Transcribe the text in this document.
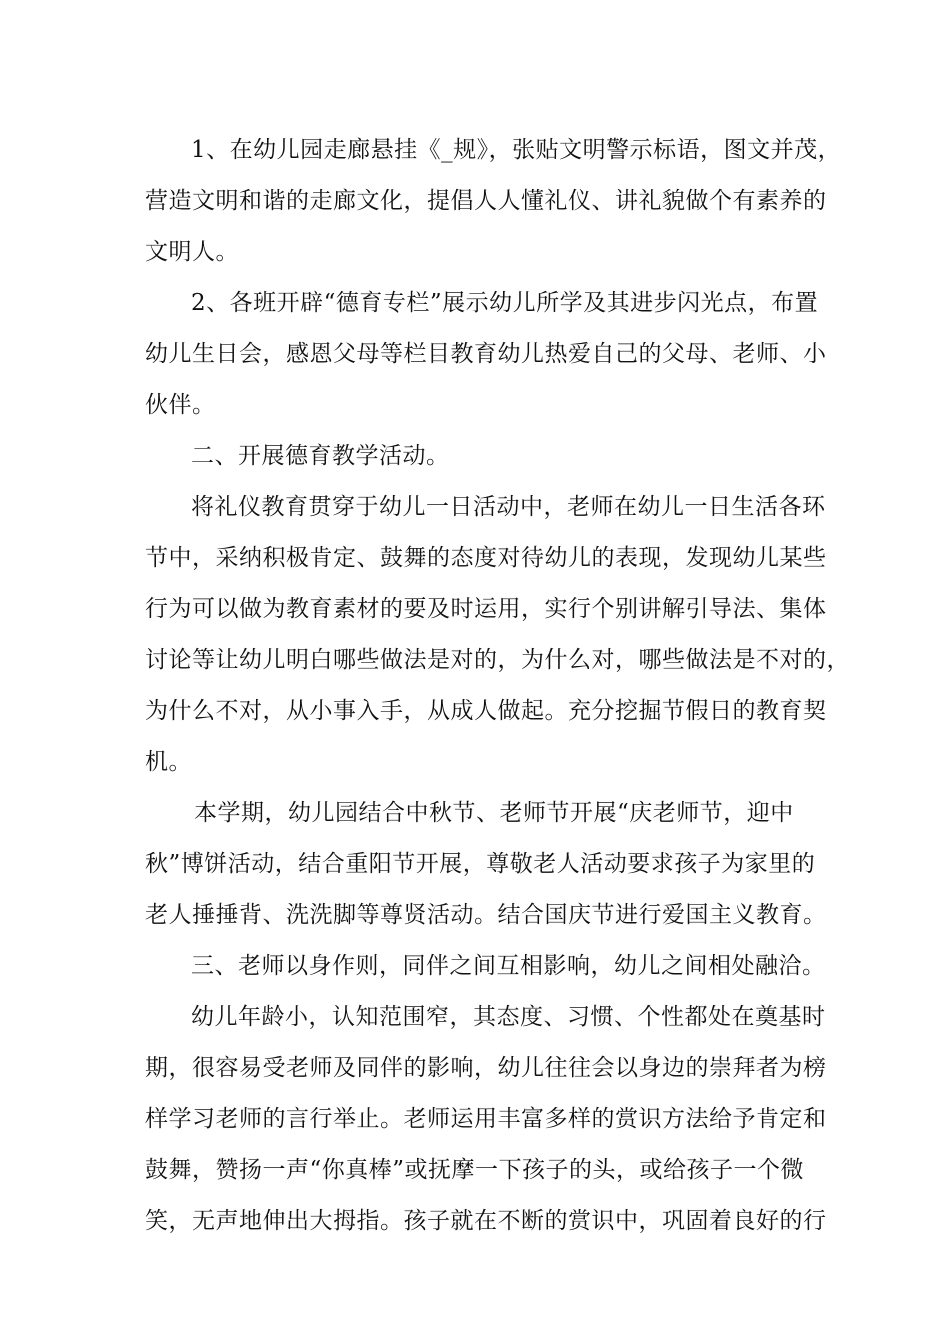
1、在幼儿园走廊悬挂《_规》，张贴文明警示标语，图文并茂，
营造文明和谐的走廊文化，提倡人人懂礼仪、讲礼貌做个有素养的
文明人。
2、各班开辟“德育专栏”展示幼儿所学及其进步闪光点，布置
幼儿生日会，感恩父母等栏目教育幼儿热爱自己的父母、老师、小
伙伴。
二、开展德育教学活动。
将礼仪教育贯穿于幼儿一日活动中，老师在幼儿一日生活各环
节中，采纳积极肯定、鼓舞的态度对待幼儿的表现，发现幼儿某些
行为可以做为教育素材的要及时运用，实行个别讲解引导法、集体
讨论等让幼儿明白哪些做法是对的，为什么对，哪些做法是不对的，
为什么不对，从小事入手，从成人做起。充分挖掘节假日的教育契
机。
本学期，幼儿园结合中秋节、老师节开展“庆老师节，迎中
秋”博饼活动，结合重阳节开展，尊敬老人活动要求孩子为家里的
老人捶捶背、洗洗脚等尊贤活动。结合国庆节进行爱国主义教育。
三、老师以身作则，同伴之间互相影响，幼儿之间相处融洽。
幼儿年龄小，认知范围窄，其态度、习惯、个性都处在奠基时
期，很容易受老师及同伴的影响，幼儿往往会以身边的崇拜者为榜
样学习老师的言行举止。老师运用丰富多样的赏识方法给予肯定和
鼓舞，赞扬一声“你真棒”或抚摩一下孩子的头，或给孩子一个微
笑，无声地伸出大拇指。孩子就在不断的赏识中，巩固着良好的行
